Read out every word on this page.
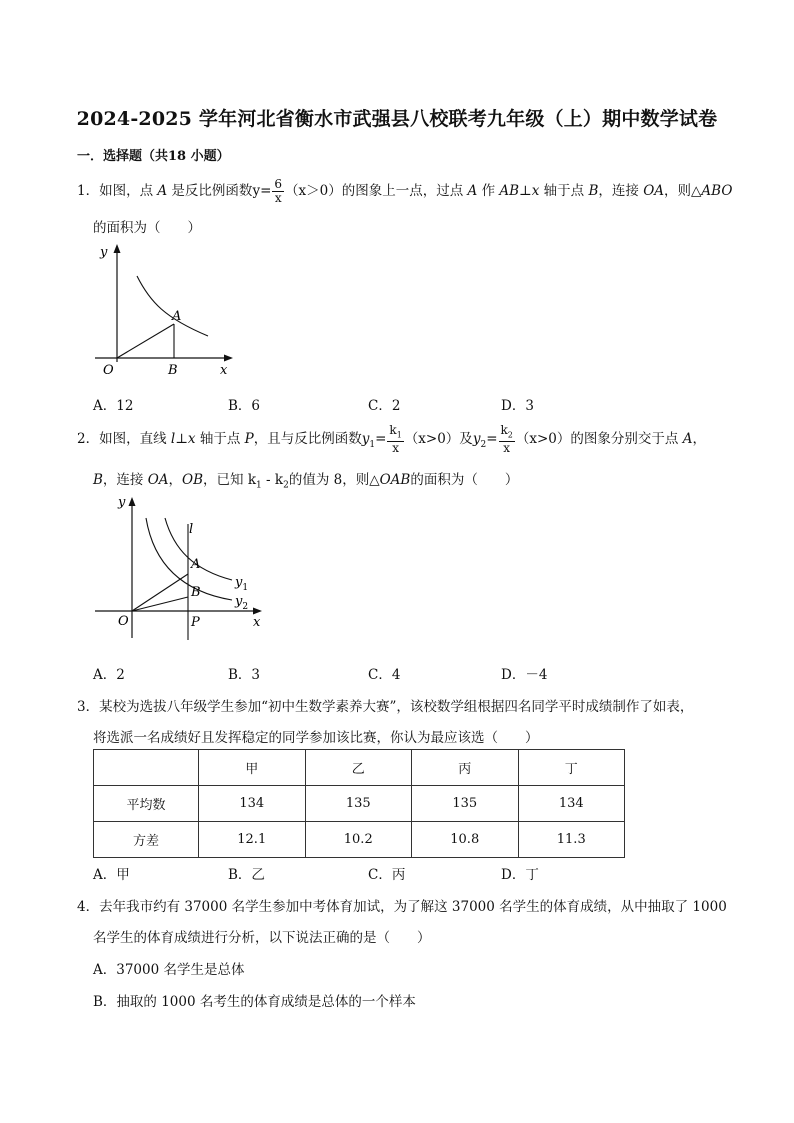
2024-2025 学年河北省衡水市武强县八校联考九年级（上）期中数学试卷
一．选择题（共18 小题）
1．如图，点 A 是反比例函数$y= \frac{6}{x} (x>0)$的图象上一点，过点 A 作 AB⊥x 轴于点 B，连接 OA，则△ABO
的面积为（　　）
y
x
O	B
A
A．12	B．6	C．2	D．3
2．如图，直线 l⊥x 轴于点 P，且与反比例函数$y_1= \frac{k_1}{x} (x>0)$及$y_2= \frac{k_2}{x} (x>0)$的图象分别交于点 A，
B，连接 OA，OB，已知 $k_1 - k_2$的值为 8，则△OAB的面积为（　　）
y
l
A
B
$y_1$
$y_2$
O	P	x
A．2	B．3	C．4	D．－4
3．某校为选拔八年级学生参加“初中生数学素养大赛”，该校数学组根据四名同学平时成绩制作了如表，
将选派一名成绩好且发挥稳定的同学参加该比赛，你认为最应该选（　　）
	甲	乙	丙	丁
平均数	134	135	135	134
方差	12.1	10.2	10.8	11.3
A．甲	B．乙	C．丙	D．丁
4．去年我市约有 37000 名学生参加中考体育加试，为了解这 37000 名学生的体育成绩，从中抽取了 1000
名学生的体育成绩进行分析，以下说法正确的是（　　）
A．37000 名学生是总体
B．抽取的 1000 名考生的体育成绩是总体的一个样本
